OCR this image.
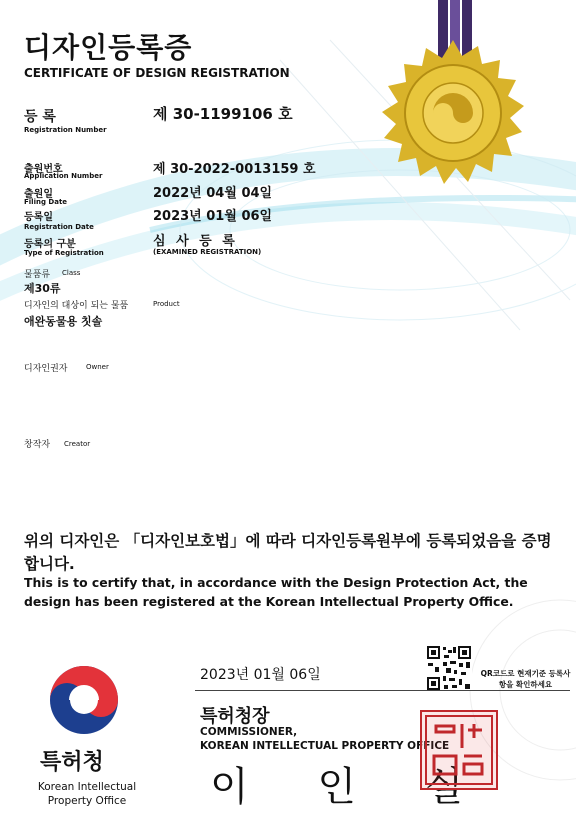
디자인등록증
CERTIFICATE OF DESIGN REGISTRATION
등 록
Registration Number
제 30-1199106 호
출원번호
Application Number	제 30-2022-0013159 호
출원일
Filing Date
2022년 04월 04일
등록일
Registration Date
2023년 01월 06일
등록의 구분
Type of Registration
심 사 등 록
(EXAMINED REGISTRATION)
물품류 Class
제30류
디자인의 대상이 되는 물품	Product
애완동물용 칫솔
디자인권자	Owner
창작자 Creator
위의 디자인은 「디자인보호법」에 따라 디자인등록원부에 등록되었음을 증명합니다.
This is to certify that, in accordance with the Design Protection Act, the design has been registered at the Korean Intellectual Property Office.
특허청
Korean Intellectual
Property Office
2023년 01월 06일	QR코드로 현재기준 등록사항을 확인하세요
특허청장
COMMISSIONER,
KOREAN INTELLECTUAL PROPERTY OFFICE
이 인 실
